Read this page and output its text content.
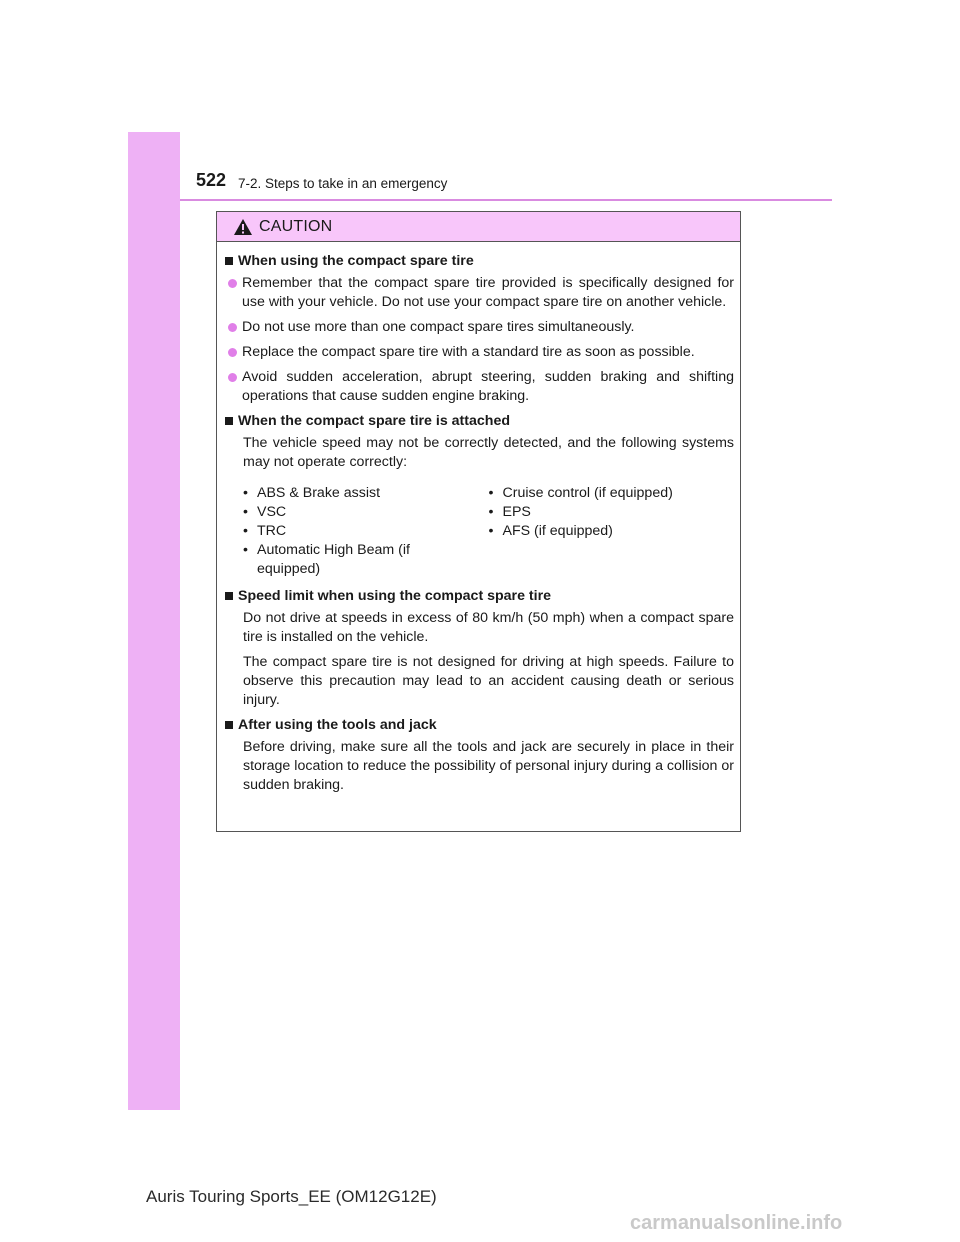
522 7-2. Steps to take in an emergency
CAUTION
When using the compact spare tire
Remember that the compact spare tire provided is specifically designed for use with your vehicle. Do not use your compact spare tire on another vehicle.
Do not use more than one compact spare tires simultaneously.
Replace the compact spare tire with a standard tire as soon as possible.
Avoid sudden acceleration, abrupt steering, sudden braking and shifting operations that cause sudden engine braking.
When the compact spare tire is attached
The vehicle speed may not be correctly detected, and the following systems may not operate correctly:
• ABS & Brake assist
• VSC
• TRC
• Automatic High Beam (if equipped)
• Cruise control (if equipped)
• EPS
• AFS (if equipped)
Speed limit when using the compact spare tire
Do not drive at speeds in excess of 80 km/h (50 mph) when a compact spare tire is installed on the vehicle.
The compact spare tire is not designed for driving at high speeds. Failure to observe this precaution may lead to an accident causing death or serious injury.
After using the tools and jack
Before driving, make sure all the tools and jack are securely in place in their storage location to reduce the possibility of personal injury during a collision or sudden braking.
Auris Touring Sports_EE (OM12G12E)
carmanualsonline.info
